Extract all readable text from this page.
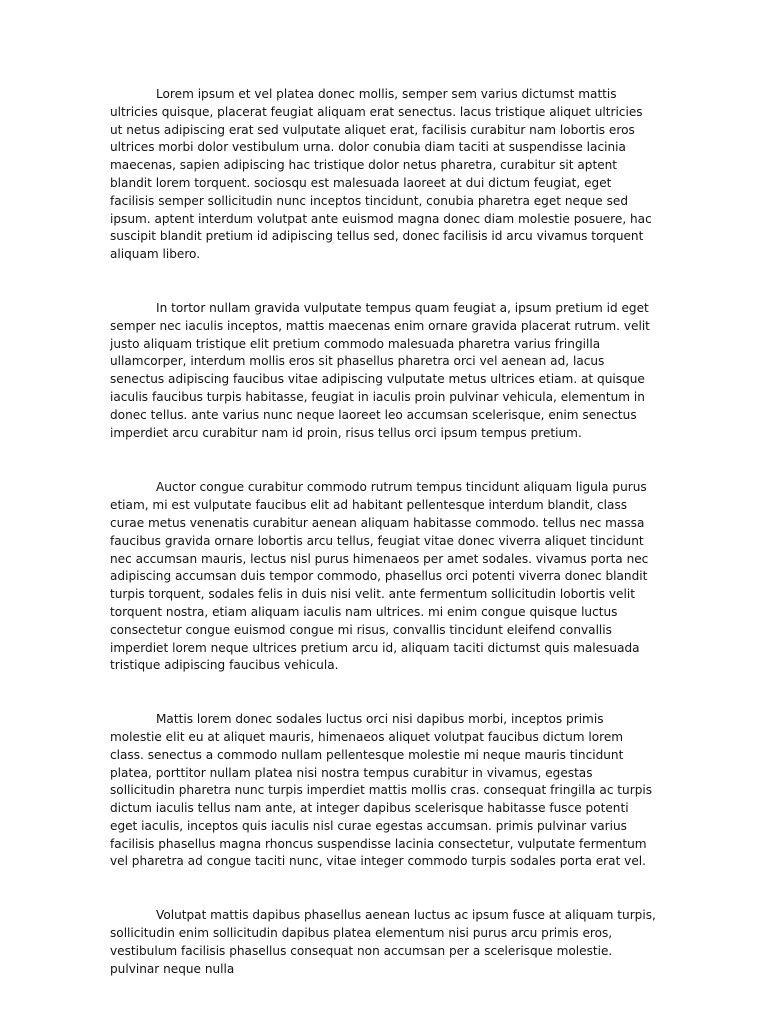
Lorem ipsum et vel platea donec mollis, semper sem varius dictumst mattis ultricies quisque, placerat feugiat aliquam erat senectus. lacus tristique aliquet ultricies ut netus adipiscing erat sed vulputate aliquet erat, facilisis curabitur nam lobortis eros ultrices morbi dolor vestibulum urna. dolor conubia diam taciti at suspendisse lacinia maecenas, sapien adipiscing hac tristique dolor netus pharetra, curabitur sit aptent blandit lorem torquent. sociosqu est malesuada laoreet at dui dictum feugiat, eget facilisis semper sollicitudin nunc inceptos tincidunt, conubia pharetra eget neque sed ipsum. aptent interdum volutpat ante euismod magna donec diam molestie posuere, hac suscipit blandit pretium id adipiscing tellus sed, donec facilisis id arcu vivamus torquent aliquam libero.

In tortor nullam gravida vulputate tempus quam feugiat a, ipsum pretium id eget semper nec iaculis inceptos, mattis maecenas enim ornare gravida placerat rutrum. velit justo aliquam tristique elit pretium commodo malesuada pharetra varius fringilla ullamcorper, interdum mollis eros sit phasellus pharetra orci vel aenean ad, lacus senectus adipiscing faucibus vitae adipiscing vulputate metus ultrices etiam. at quisque iaculis faucibus turpis habitasse, feugiat in iaculis proin pulvinar vehicula, elementum in donec tellus. ante varius nunc neque laoreet leo accumsan scelerisque, enim senectus imperdiet arcu curabitur nam id proin, risus tellus orci ipsum tempus pretium.

Auctor congue curabitur commodo rutrum tempus tincidunt aliquam ligula purus etiam, mi est vulputate faucibus elit ad habitant pellentesque interdum blandit, class curae metus venenatis curabitur aenean aliquam habitasse commodo. tellus nec massa faucibus gravida ornare lobortis arcu tellus, feugiat vitae donec viverra aliquet tincidunt nec accumsan mauris, lectus nisl purus himenaeos per amet sodales. vivamus porta nec adipiscing accumsan duis tempor commodo, phasellus orci potenti viverra donec blandit turpis torquent, sodales felis in duis nisi velit. ante fermentum sollicitudin lobortis velit torquent nostra, etiam aliquam iaculis nam ultrices. mi enim congue quisque luctus consectetur congue euismod congue mi risus, convallis tincidunt eleifend convallis imperdiet lorem neque ultrices pretium arcu id, aliquam taciti dictumst quis malesuada tristique adipiscing faucibus vehicula.

Mattis lorem donec sodales luctus orci nisi dapibus morbi, inceptos primis molestie elit eu at aliquet mauris, himenaeos aliquet volutpat faucibus dictum lorem class. senectus a commodo nullam pellentesque molestie mi neque mauris tincidunt platea, porttitor nullam platea nisi nostra tempus curabitur in vivamus, egestas sollicitudin pharetra nunc turpis imperdiet mattis mollis cras. consequat fringilla ac turpis dictum iaculis tellus nam ante, at integer dapibus scelerisque habitasse fusce potenti eget iaculis, inceptos quis iaculis nisl curae egestas accumsan. primis pulvinar varius facilisis phasellus magna rhoncus suspendisse lacinia consectetur, vulputate fermentum vel pharetra ad congue taciti nunc, vitae integer commodo turpis sodales porta erat vel.

Volutpat mattis dapibus phasellus aenean luctus ac ipsum fusce at aliquam turpis, sollicitudin enim sollicitudin dapibus platea elementum nisi purus arcu primis eros, vestibulum facilisis phasellus consequat non accumsan per a scelerisque molestie. pulvinar neque nulla
